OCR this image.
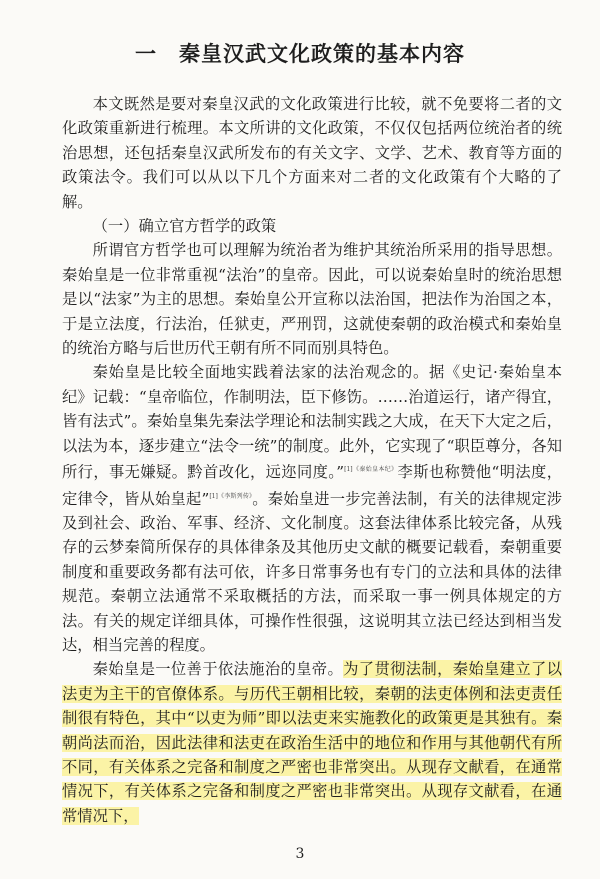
一　秦皇汉武文化政策的基本内容

本文既然是要对秦皇汉武的文化政策进行比较，就不免要将二者的文化政策重新进行梳理。本文所讲的文化政策，不仅仅包括两位统治者的统治思想，还包括秦皇汉武所发布的有关文字、文学、艺术、教育等方面的政策法令。我们可以从以下几个方面来对二者的文化政策有个大略的了解。

（一）确立官方哲学的政策

所谓官方哲学也可以理解为统治者为维护其统治所采用的指导思想。秦始皇是一位非常重视“法治”的皇帝。因此，可以说秦始皇时的统治思想是以“法家”为主的思想。秦始皇公开宣称以法治国，把法作为治国之本，于是立法度，行法治，任狱吏，严刑罚，这就使秦朝的政治模式和秦始皇的统治方略与后世历代王朝有所不同而别具特色。

秦始皇是比较全面地实践着法家的法治观念的。据《史记·秦始皇本纪》记载：“皇帝临位，作制明法，臣下修饬。……治道运行，诸产得宜，皆有法式”。秦始皇集先秦法学理论和法制实践之大成，在天下大定之后，以法为本，逐步建立“法令一统”的制度。此外，它实现了“职臣尊分，各知所行，事无嫌疑。黔首改化，远迩同度。”$^{[1]《秦始皇本纪》}$李斯也称赞他“明法度，定律令，皆从始皇起”$^{[1]《李斯列传》}$。秦始皇进一步完善法制，有关的法律规定涉及到社会、政治、军事、经济、文化制度。这套法律体系比较完备，从残存的云梦秦简所保存的具体律条及其他历史文献的概要记载看，秦朝重要制度和重要政务都有法可依，许多日常事务也有专门的立法和具体的法律规范。秦朝立法通常不采取概括的方法，而采取一事一例具体规定的方法。有关的规定详细具体，可操作性很强，这说明其立法已经达到相当发达，相当完善的程度。

秦始皇是一位善于依法施治的皇帝。为了贯彻法制，秦始皇建立了以法吏为主干的官僚体系。与历代王朝相比较，秦朝的法吏体例和法吏责任制很有特色，其中“以吏为师”即以法吏来实施教化的政策更是其独有。秦朝尚法而治，因此法律和法吏在政治生活中的地位和作用与其他朝代有所不同，有关体系之完备和制度之严密也非常突出。从现存文献看，在通常情况下，有关体系之完备和制度之严密也非常突出。从现存文献看，在通常情况下，

3
